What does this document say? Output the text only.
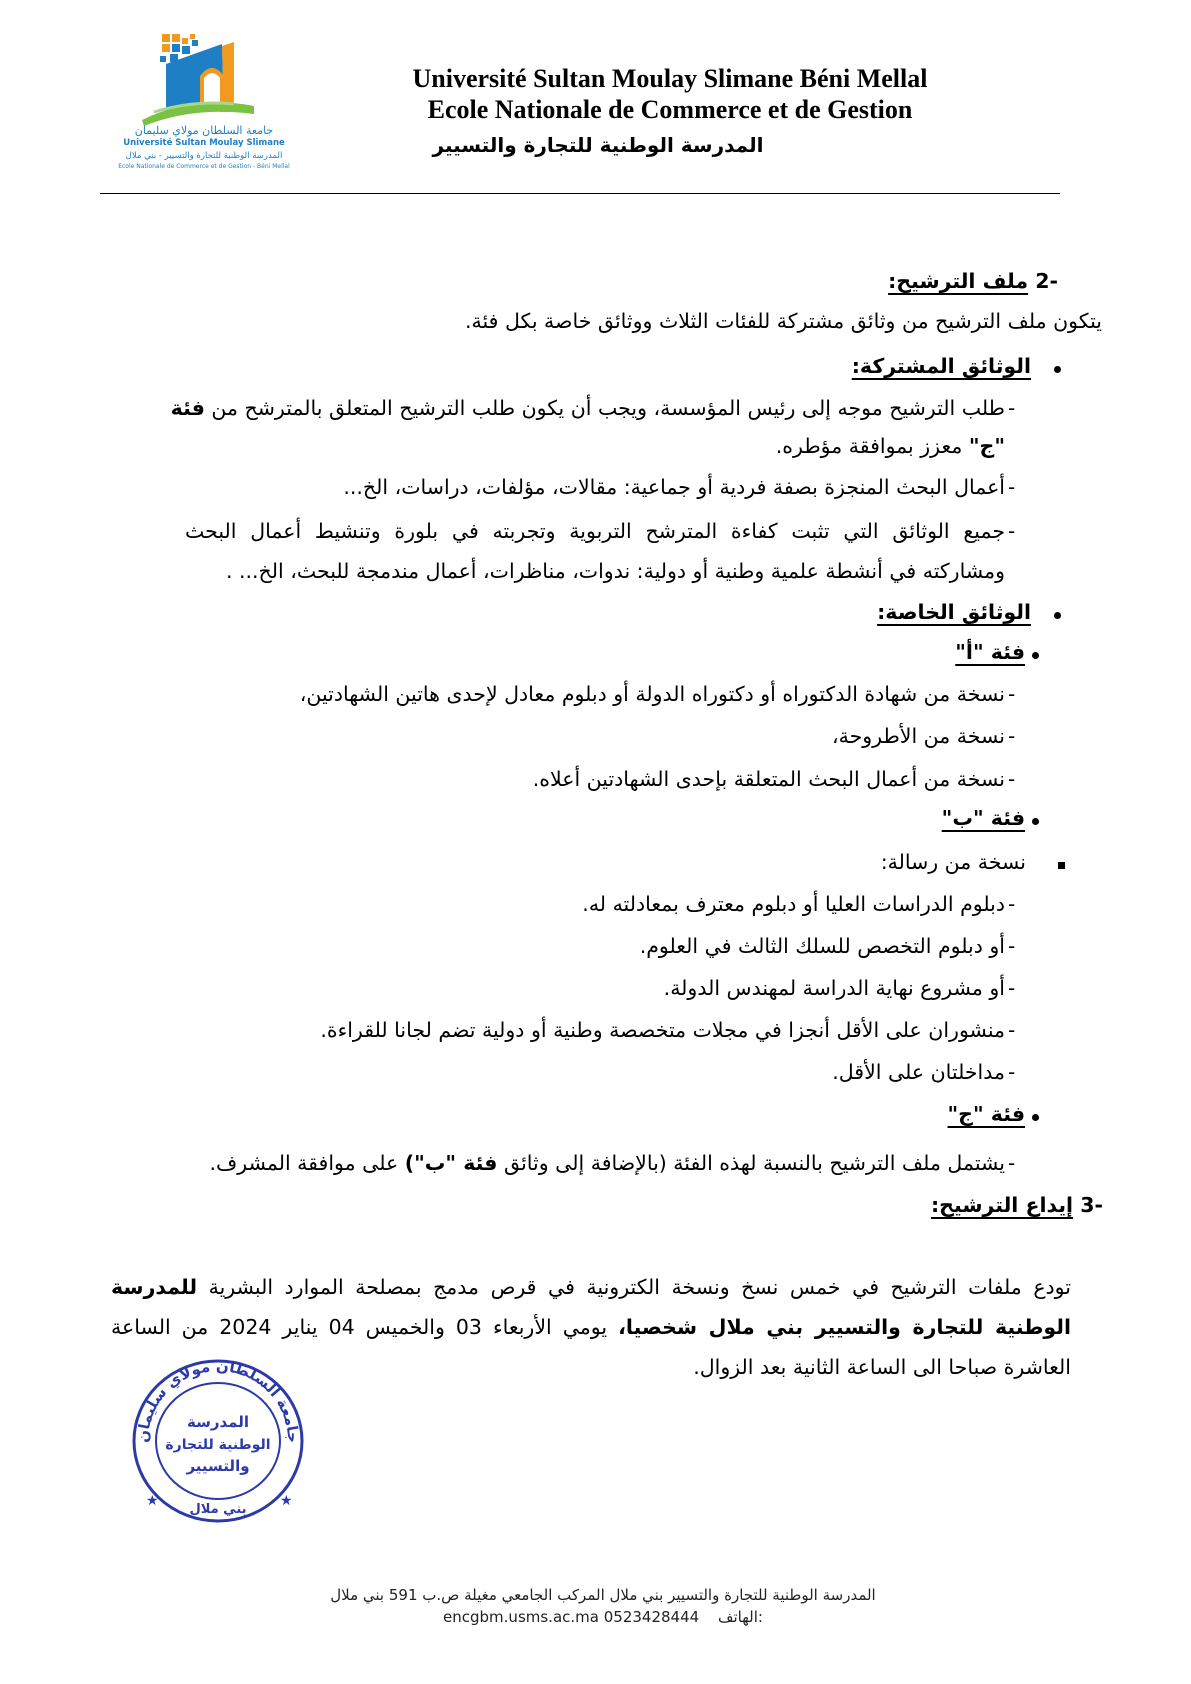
جامعة السلطان مولاي سليمان
Université Sultan Moulay Slimane
المدرسة الوطنية للتجارة والتسيير - بني ملال
Ecole Nationale de Commerce et de Gestion - Béni Mellal
Université Sultan Moulay Slimane Béni Mellal
Ecole Nationale de Commerce et de Gestion
المدرسة الوطنية للتجارة والتسيير
-2 ملف الترشيح:
يتكون ملف الترشيح من وثائق مشتركة للفئات الثلاث ووثائق خاصة بكل فئة.
الوثائق المشتركة:
-
طلب الترشيح موجه إلى رئيس المؤسسة، ويجب أن يكون طلب الترشيح المتعلق بالمترشح من فئة
"ج" معزز بموافقة مؤطره.
-
أعمال البحث المنجزة بصفة فردية أو جماعية: مقالات، مؤلفات، دراسات، الخ...
-
جميع الوثائق التي تثبت كفاءة المترشح التربوية وتجربته في بلورة وتنشيط أعمال البحث
ومشاركته في أنشطة علمية وطنية أو دولية: ندوات، مناظرات، أعمال مندمجة للبحث، الخ... .
الوثائق الخاصة:
فئة "أ"
-
نسخة من شهادة الدكتوراه أو دكتوراه الدولة أو دبلوم معادل لإحدى هاتين الشهادتين،
-
نسخة من الأطروحة،
-
نسخة من أعمال البحث المتعلقة بإحدى الشهادتين أعلاه.
فئة "ب"
نسخة من رسالة:
-
دبلوم الدراسات العليا أو دبلوم معترف بمعادلته له.
-
أو دبلوم التخصص للسلك الثالث في العلوم.
-
أو مشروع نهاية الدراسة لمهندس الدولة.
-
منشوران على الأقل أنجزا في مجلات متخصصة وطنية أو دولية تضم لجانا للقراءة.
-
مداخلتان على الأقل.
فئة "ج"
-
يشتمل ملف الترشيح بالنسبة لهذه الفئة (بالإضافة إلى وثائق فئة "ب") على موافقة المشرف.
-3 إيداع الترشيح:
تودع ملفات الترشيح في خمس نسخ ونسخة الكترونية في قرص مدمج بمصلحة الموارد البشرية للمدرسة
الوطنية للتجارة والتسيير بني ملال شخصيا، يومي الأربعاء 03 والخميس 04 يناير 2024 من الساعة
العاشرة صباحا الى الساعة الثانية بعد الزوال.
جامعة السلطان مولاي سليمان
المدرسة
الوطنية للتجارة
والتسيير
بني ملال
★
★
المدرسة الوطنية للتجارة والتسيير بني ملال المركب الجامعي مغيلة ص.ب 591 بني ملال
encgbm.usms.ac.ma 0523428444 الهاتف:
